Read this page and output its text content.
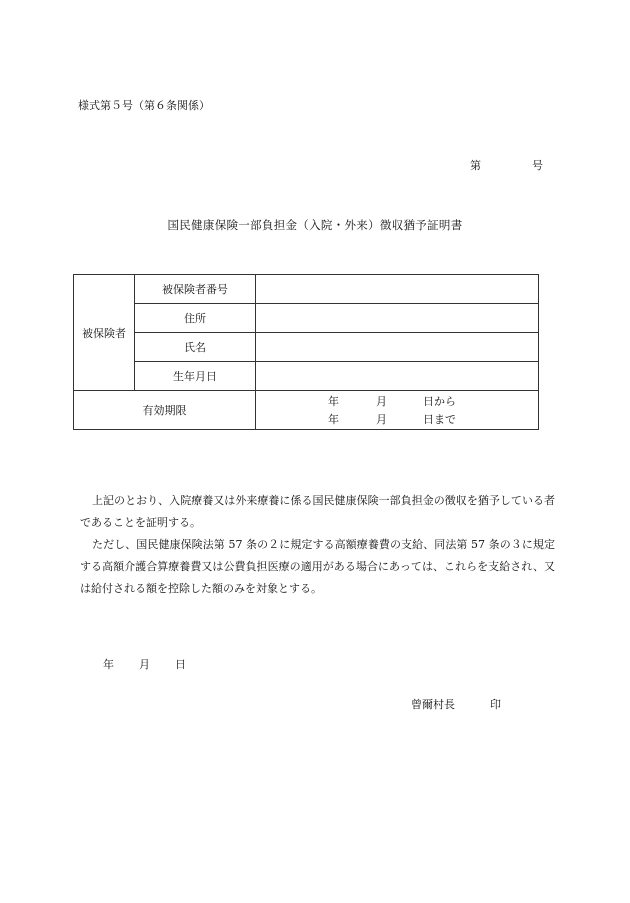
様式第５号（第６条関係）
第	号
国民健康保険一部負担金（入院・外来）徴収猶予証明書
被保険者	被保険者番号	
	住所	
	氏名	
	生年月日	
有効期限		年 月 日から
年 月 日まで

上記のとおり、入院療養又は外来療養に係る国民健康保険一部負担金の徴収を猶予している者であることを証明する。

ただし、国民健康保険法第 57 条の２に規定する高額療養費の支給、同法第 57 条の３に規定する高額介護合算療養費又は公費負担医療の適用がある場合にあっては、これらを支給され、又は給付される額を控除した額のみを対象とする。

年 月 日
曾爾村長	印
